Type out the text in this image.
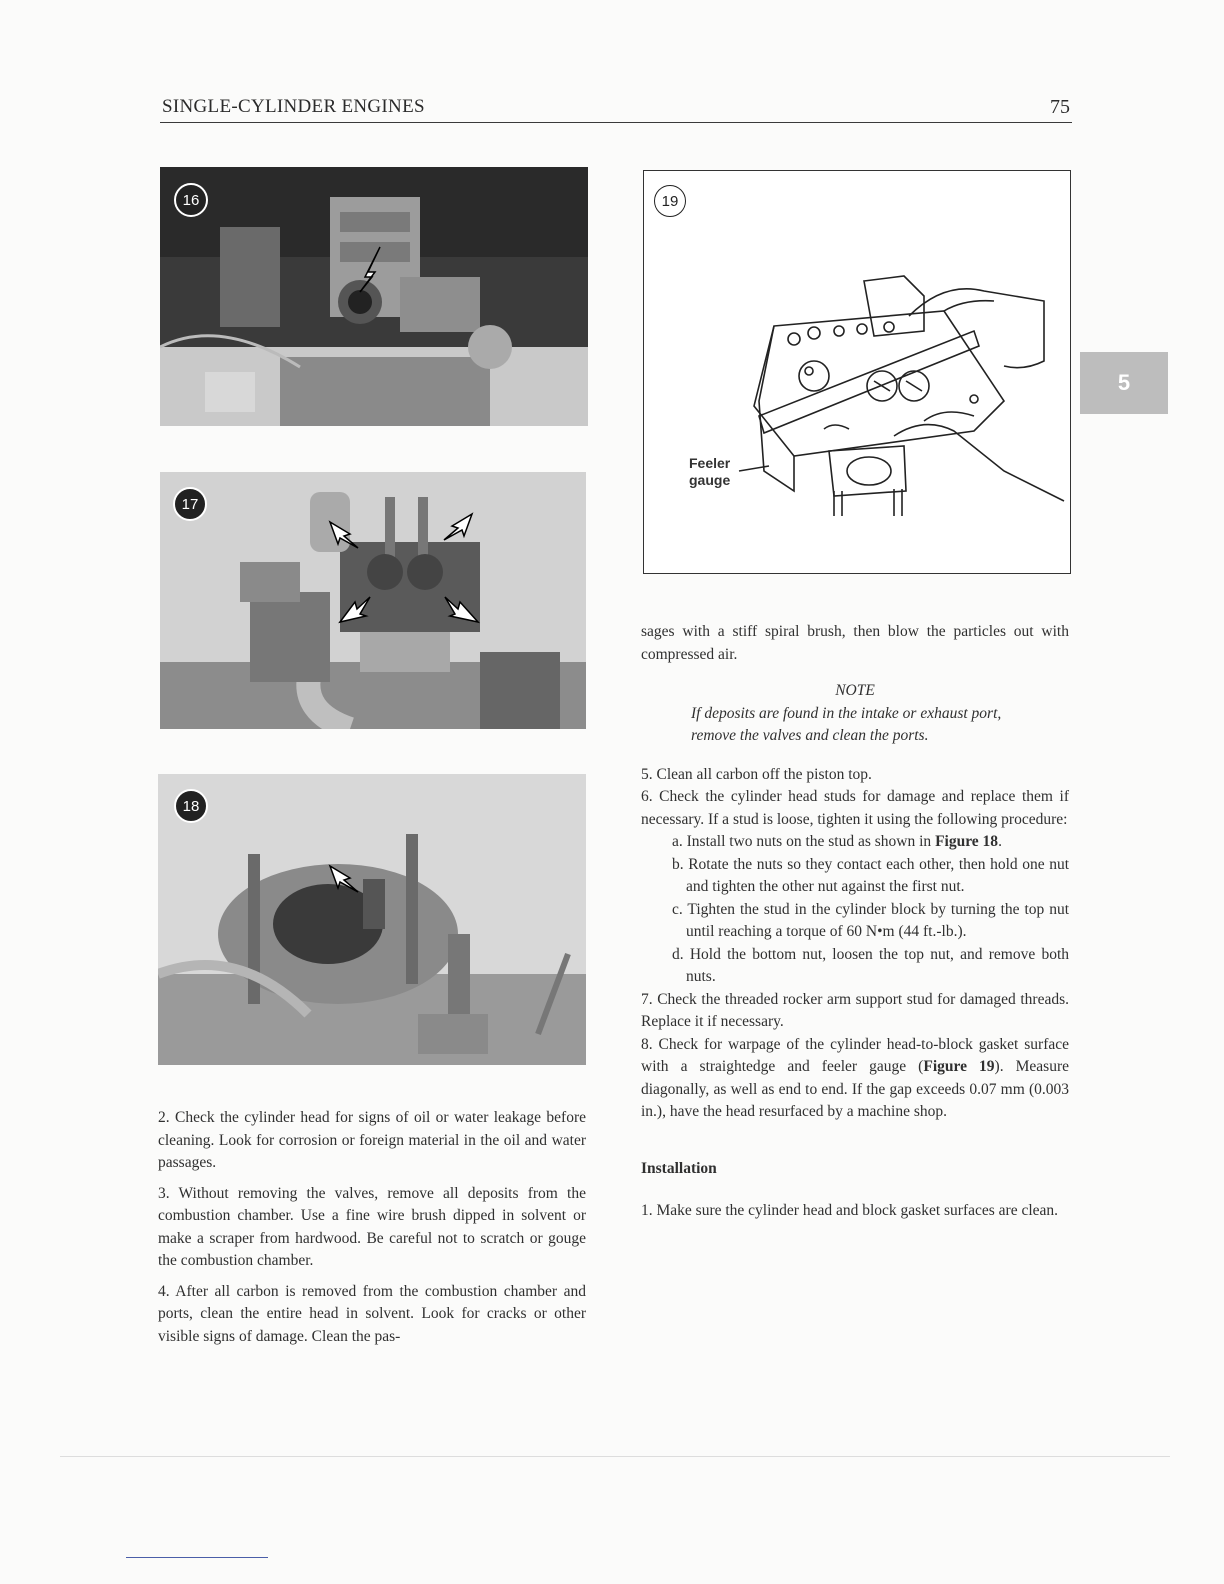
SINGLE-CYLINDER ENGINES	75
5
16
17
18
19
Feeler
gauge

2. Check the cylinder head for signs of oil or water leakage before cleaning. Look for corrosion or foreign material in the oil and water passages.

3. Without removing the valves, remove all deposits from the combustion chamber. Use a fine wire brush dipped in solvent or make a scraper from hardwood. Be careful not to scratch or gouge the combustion chamber.

4. After all carbon is removed from the combustion chamber and ports, clean the entire head in solvent. Look for cracks or other visible signs of damage. Clean the pas-

sages with a stiff spiral brush, then blow the particles out with compressed air.

NOTE

If deposits are found in the intake or exhaust port, remove the valves and clean the ports.

5. Clean all carbon off the piston top.

6. Check the cylinder head studs for damage and replace them if necessary. If a stud is loose, tighten it using the following procedure:

a. Install two nuts on the stud as shown in Figure 18.

b. Rotate the nuts so they contact each other, then hold one nut and tighten the other nut against the first nut.

c. Tighten the stud in the cylinder block by turning the top nut until reaching a torque of 60 N•m (44 ft.-lb.).

d. Hold the bottom nut, loosen the top nut, and remove both nuts.

7. Check the threaded rocker arm support stud for damaged threads. Replace it if necessary.

8. Check for warpage of the cylinder head-to-block gasket surface with a straightedge and feeler gauge (Figure 19). Measure diagonally, as well as end to end. If the gap exceeds 0.07 mm (0.003 in.), have the head resurfaced by a machine shop.

Installation

1. Make sure the cylinder head and block gasket surfaces are clean.
